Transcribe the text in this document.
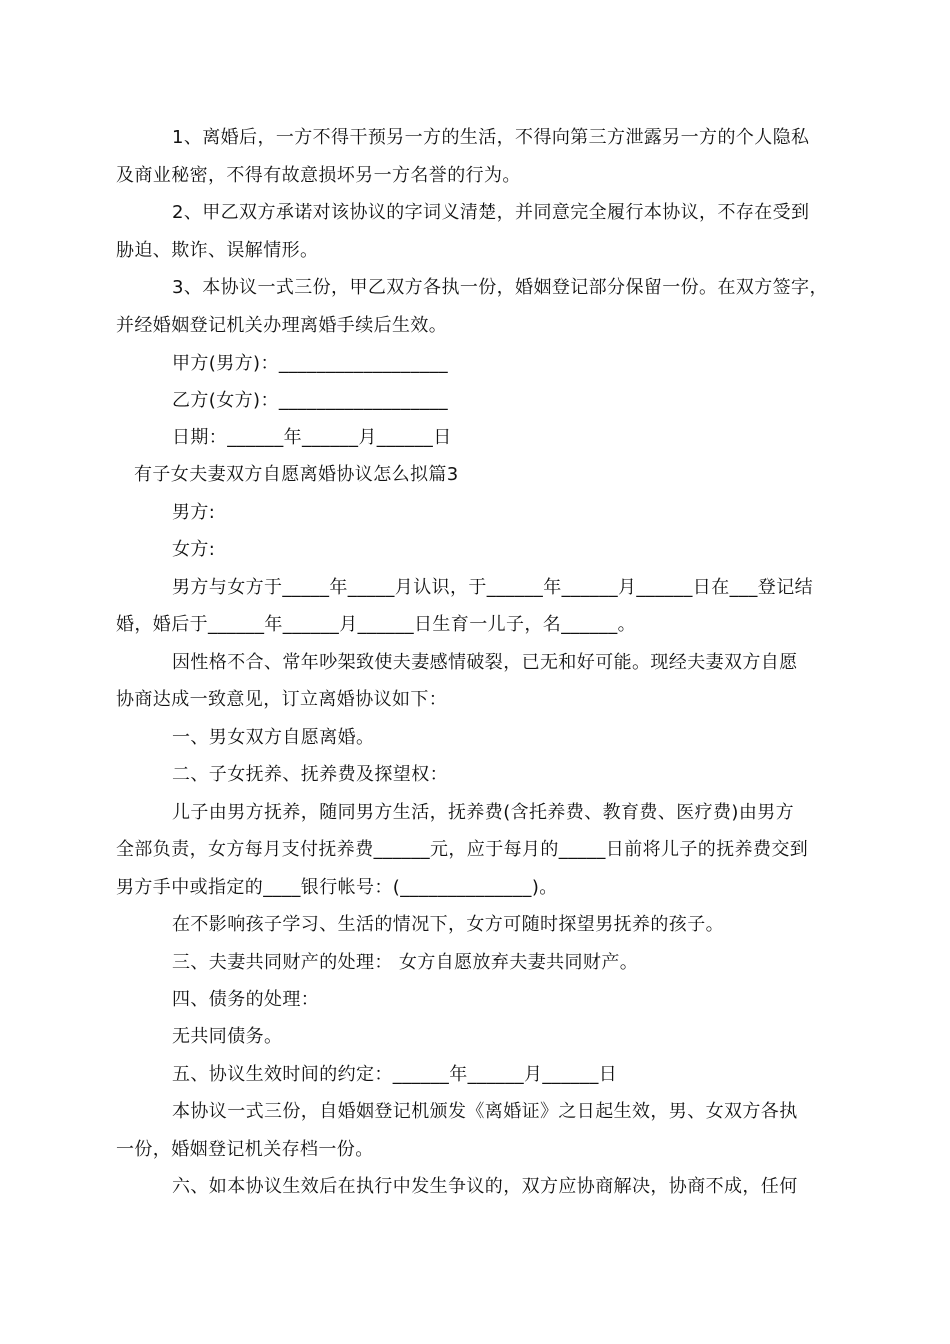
1、离婚后，一方不得干预另一方的生活，不得向第三方泄露另一方的个人隐私
及商业秘密，不得有故意损坏另一方名誉的行为。
2、甲乙双方承诺对该协议的字词义清楚，并同意完全履行本协议，不存在受到
胁迫、欺诈、误解情形。
3、本协议一式三份，甲乙双方各执一份，婚姻登记部分保留一份。在双方签字，
并经婚姻登记机关办理离婚手续后生效。
甲方(男方)：__________________
乙方(女方)：__________________
日期：______年______月______日
有子女夫妻双方自愿离婚协议怎么拟篇3
男方:
女方:
男方与女方于_____年_____月认识，于______年______月______日在___登记结
婚，婚后于______年______月______日生育一儿子，名______。
因性格不合、常年吵架致使夫妻感情破裂，已无和好可能。现经夫妻双方自愿
协商达成一致意见，订立离婚协议如下：
一、男女双方自愿离婚。
二、子女抚养、抚养费及探望权：
儿子由男方抚养，随同男方生活，抚养费(含托养费、教育费、医疗费)由男方
全部负责，女方每月支付抚养费______元，应于每月的_____日前将儿子的抚养费交到
男方手中或指定的____银行帐号：(______________)。
在不影响孩子学习、生活的情况下，女方可随时探望男抚养的孩子。
三、夫妻共同财产的处理： 女方自愿放弃夫妻共同财产。
四、债务的处理：
无共同债务。
五、协议生效时间的约定：______年______月______日
本协议一式三份，自婚姻登记机颁发《离婚证》之日起生效，男、女双方各执
一份，婚姻登记机关存档一份。
六、如本协议生效后在执行中发生争议的，双方应协商解决，协商不成，任何
